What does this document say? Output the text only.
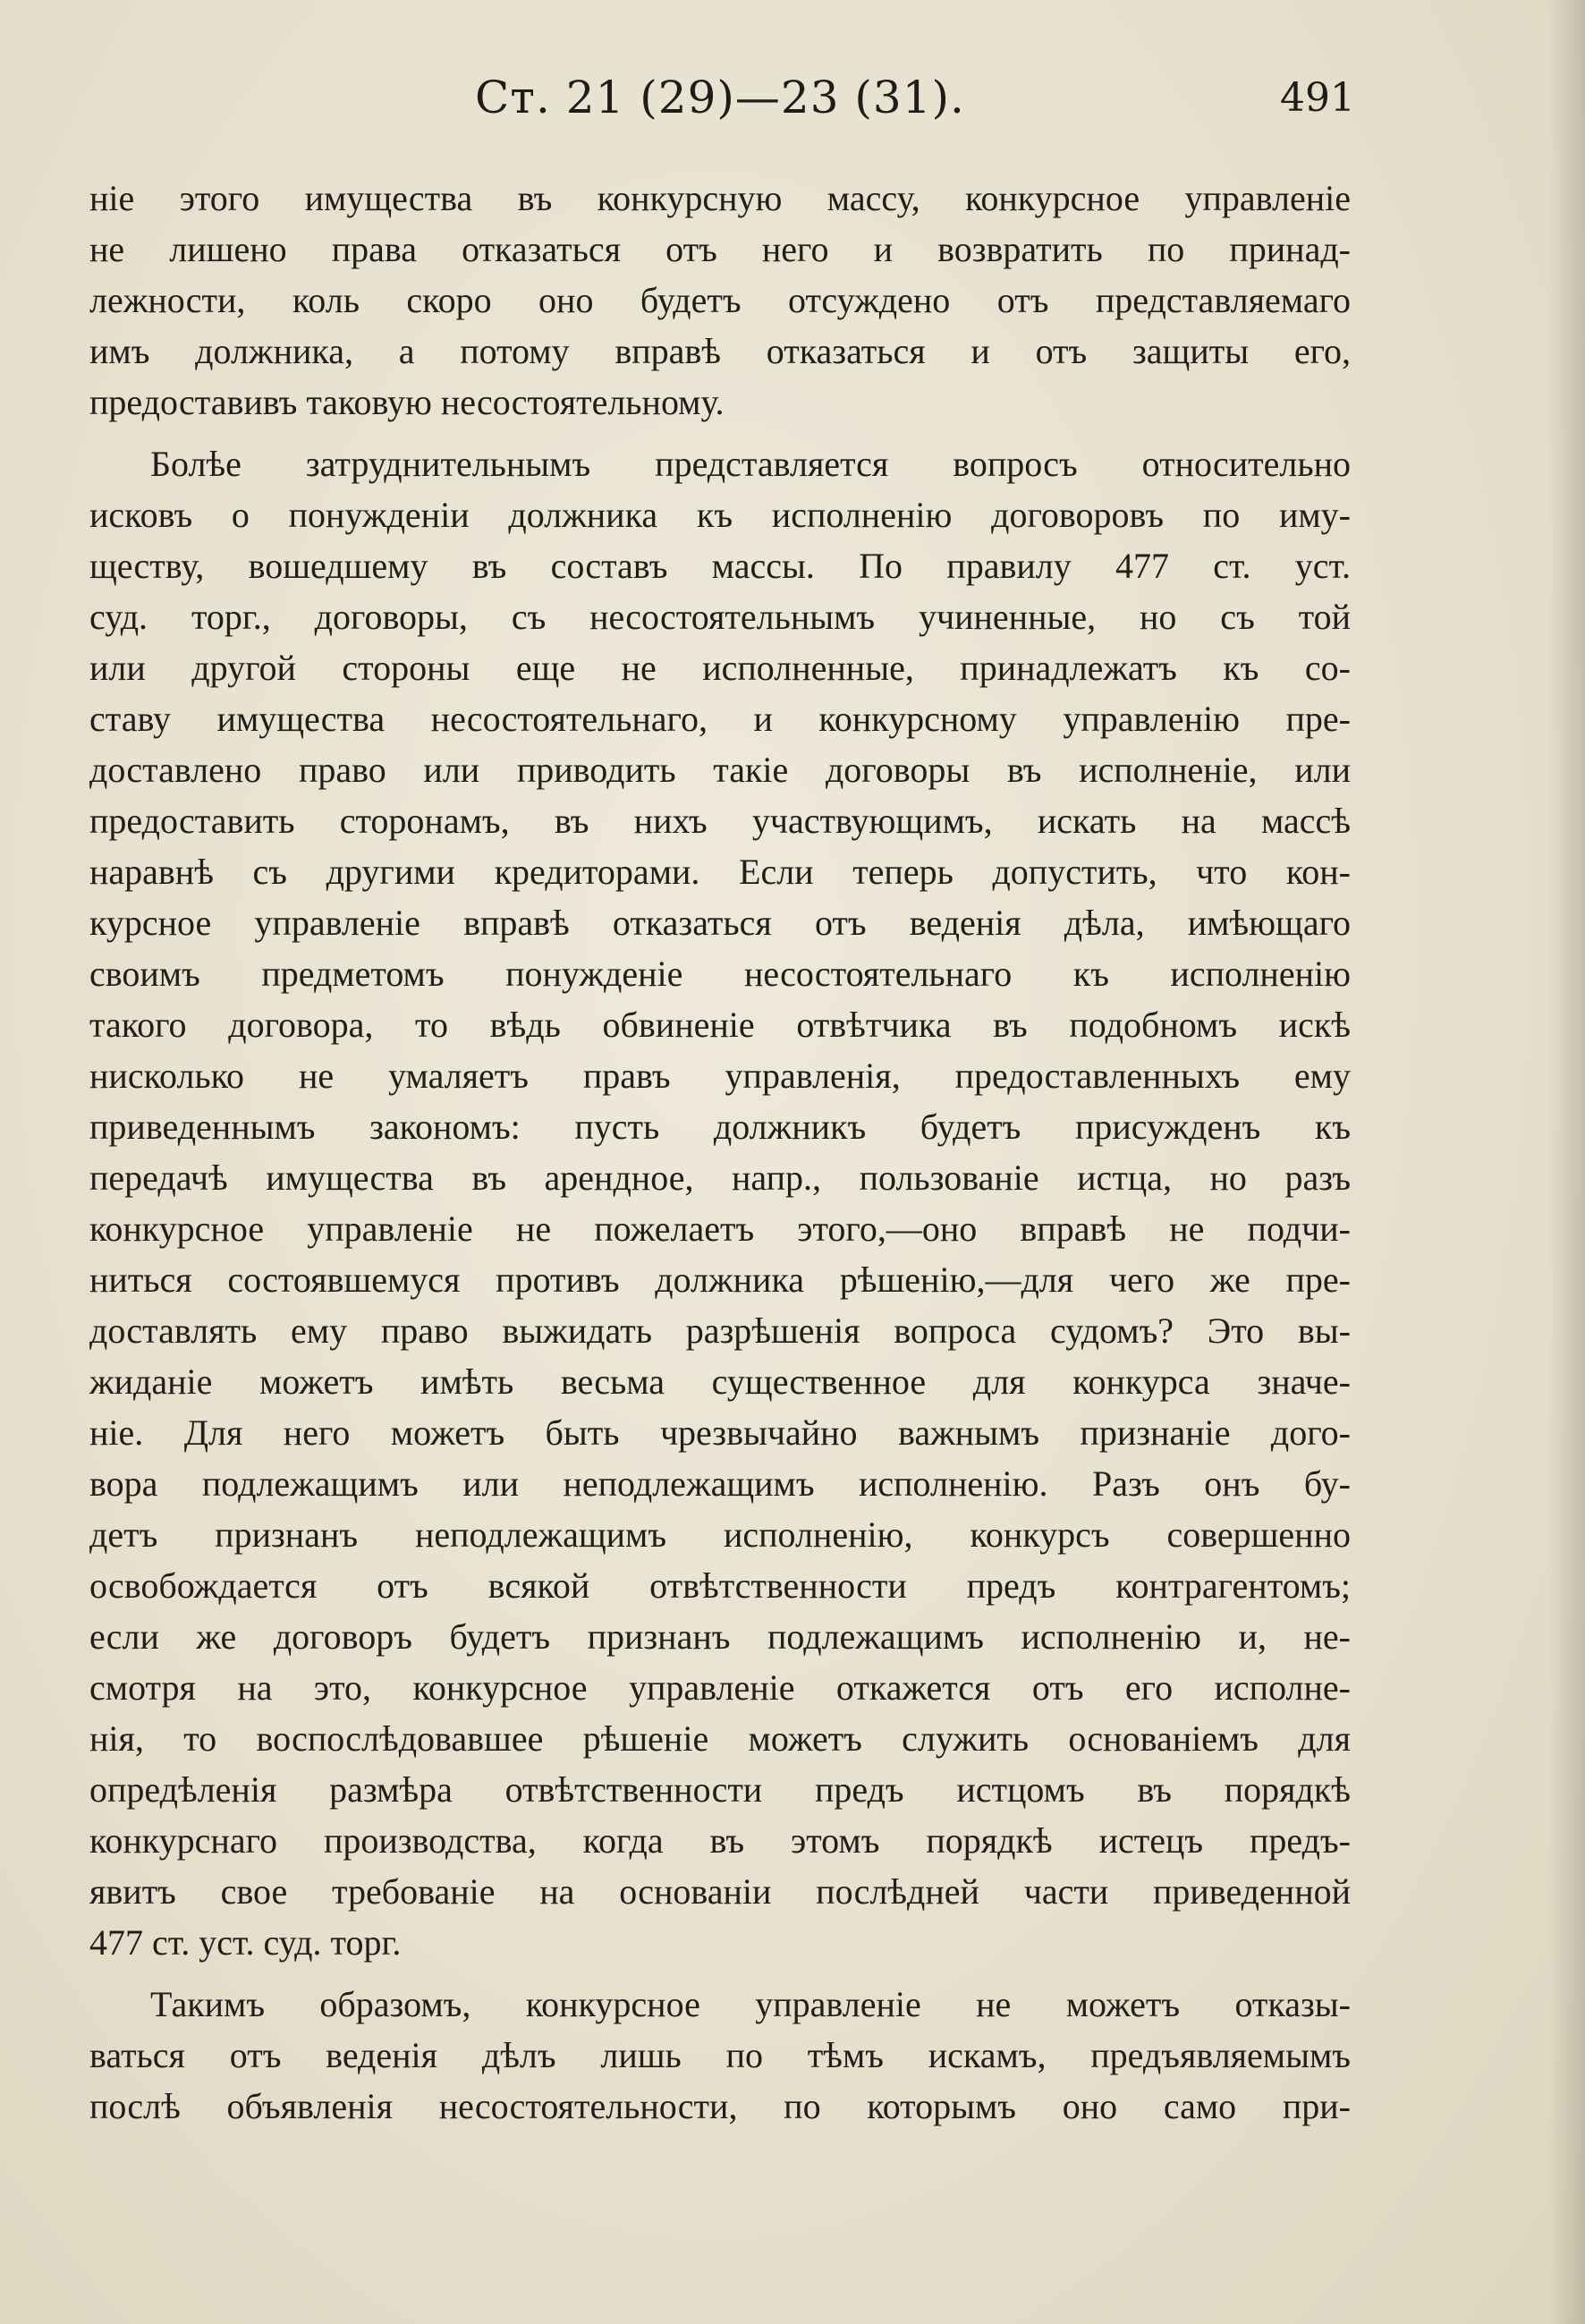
Ст. 21 (29)—23 (31).	491

ніе этого имущества въ конкурсную массу, конкурсное управленіе
не лишено права отказаться отъ него и возвратить по принад-
лежности, коль скоро оно будетъ отсуждено отъ представляемаго
имъ должника, а потому вправѣ отказаться и отъ защиты его,
предоставивъ таковую несостоятельному.

Болѣе затруднительнымъ представляется вопросъ относительно
исковъ о понужденіи должника къ исполненію договоровъ по иму-
ществу, вошедшему въ составъ массы. По правилу 477 ст. уст.
суд. торг., договоры, съ несостоятельнымъ учиненные, но съ той
или другой стороны еще не исполненные, принадлежатъ къ со-
ставу имущества несостоятельнаго, и конкурсному управленію пре-
доставлено право или приводить такіе договоры въ исполненіе, или
предоставить сторонамъ, въ нихъ участвующимъ, искать на массѣ
наравнѣ съ другими кредиторами. Если теперь допустить, что кон-
курсное управленіе вправѣ отказаться отъ веденія дѣла, имѣющаго
своимъ предметомъ понужденіе несостоятельнаго къ исполненію
такого договора, то вѣдь обвиненіе отвѣтчика въ подобномъ искѣ
нисколько не умаляетъ правъ управленія, предоставленныхъ ему
приведеннымъ закономъ: пусть должникъ будетъ присужденъ къ
передачѣ имущества въ арендное, напр., пользованіе истца, но разъ
конкурсное управленіе не пожелаетъ этого,—оно вправѣ не подчи-
ниться состоявшемуся противъ должника рѣшенію,—для чего же пре-
доставлять ему право выжидать разрѣшенія вопроса судомъ? Это вы-
жиданіе можетъ имѣть весьма существенное для конкурса значе-
ніе. Для него можетъ быть чрезвычайно важнымъ признаніе дого-
вора подлежащимъ или неподлежащимъ исполненію. Разъ онъ бу-
детъ признанъ неподлежащимъ исполненію, конкурсъ совершенно
освобождается отъ всякой отвѣтственности предъ контрагентомъ;
если же договоръ будетъ признанъ подлежащимъ исполненію и, не-
смотря на это, конкурсное управленіе откажется отъ его исполне-
нія, то воспослѣдовавшее рѣшеніе можетъ служить основаніемъ для
опредѣленія размѣра отвѣтственности предъ истцомъ въ порядкѣ
конкурснаго производства, когда въ этомъ порядкѣ истецъ предъ-
явитъ свое требованіе на основаніи послѣдней части приведенной
477 ст. уст. суд. торг.

Такимъ образомъ, конкурсное управленіе не можетъ отказы-
ваться отъ веденія дѣлъ лишь по тѣмъ искамъ, предъявляемымъ
послѣ объявленія несостоятельности, по которымъ оно само при-
